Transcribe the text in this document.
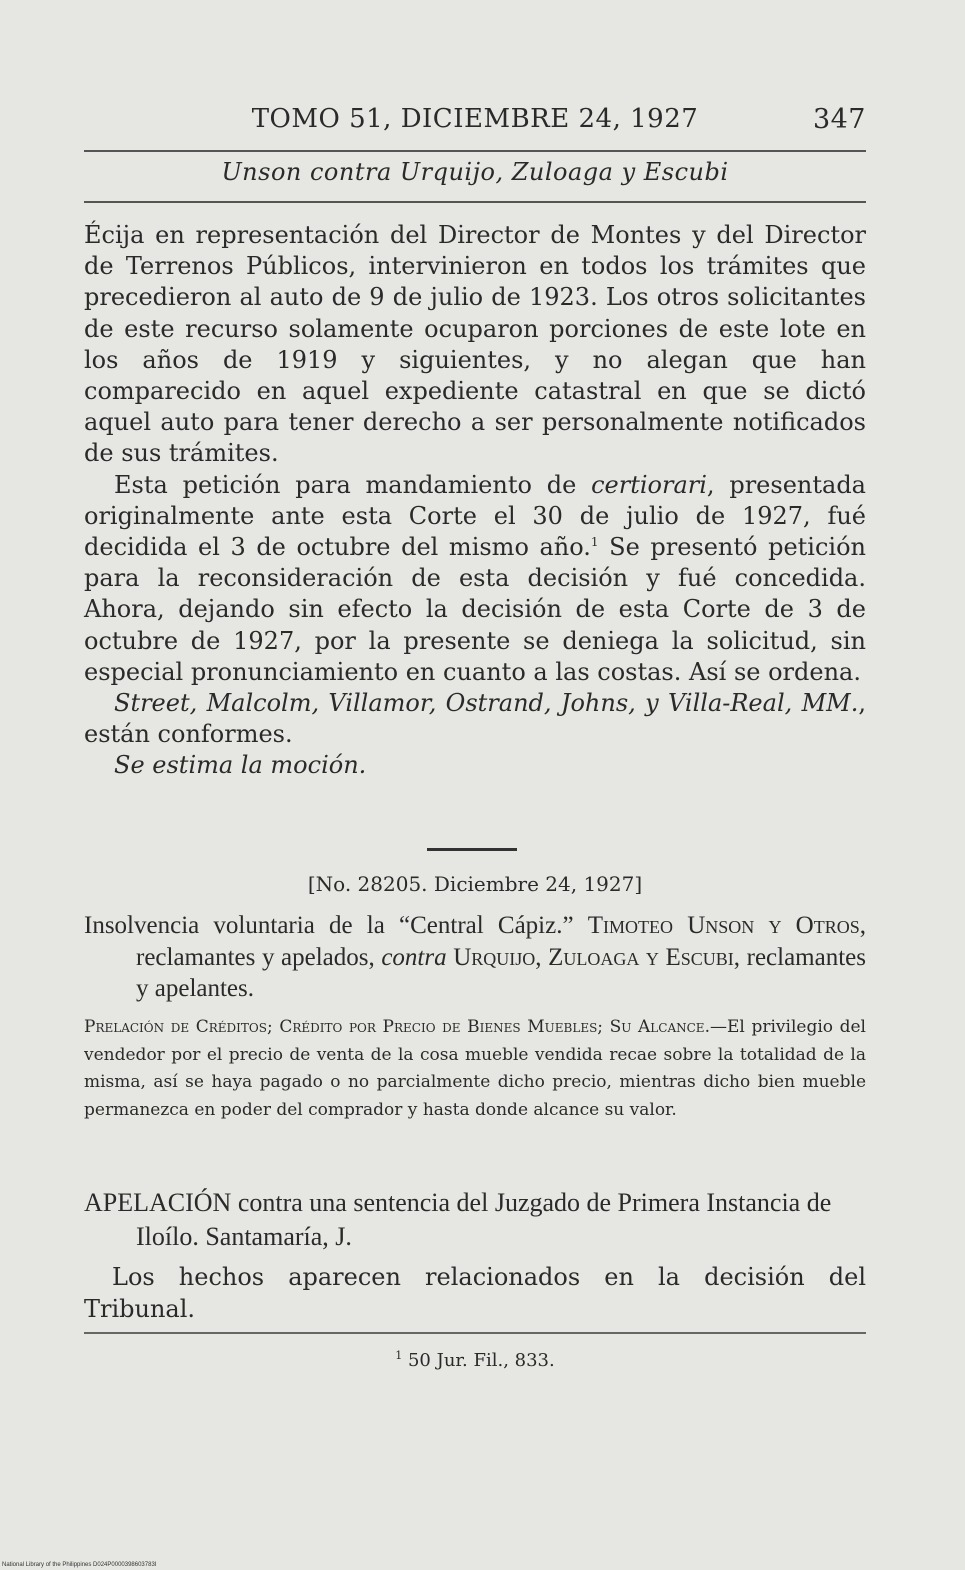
TOMO 51, DICIEMBRE 24, 1927	347
Unson contra Urquijo, Zuloaga y Escubi

Écija en representación del Director de Montes y del Director de Terrenos Públicos, intervinieron en todos los trámites que precedieron al auto de 9 de julio de 1923. Los otros solicitantes de este recurso solamente ocuparon porciones de este lote en los años de 1919 y siguientes, y no alegan que han comparecido en aquel expediente catastral en que se dictó aquel auto para tener derecho a ser personalmente notificados de sus trámites.

Esta petición para mandamiento de certiorari, presentada originalmente ante esta Corte el 30 de julio de 1927, fué decidida el 3 de octubre del mismo año.$^1$ Se presentó petición para la reconsideración de esta decisión y fué concedida. Ahora, dejando sin efecto la decisión de esta Corte de 3 de octubre de 1927, por la presente se deniega la solicitud, sin especial pronunciamiento en cuanto a las costas. Así se ordena.

Street, Malcolm, Villamor, Ostrand, Johns, y Villa-Real, MM., están conformes.

Se estima la moción.

[No. 28205. Diciembre 24, 1927]
Insolvencia voluntaria de la “Central Cápiz.” Timoteo Unson y Otros, reclamantes y apelados, contra Urquijo, Zuloaga y Escubi, reclamantes y apelantes.
Prelación de Créditos; Crédito por Precio de Bienes Muebles; Su Alcance.—El privilegio del vendedor por el precio de venta de la cosa mueble vendida recae sobre la totalidad de la misma, así se haya pagado o no parcialmente dicho precio, mientras dicho bien mueble permanezca en poder del comprador y hasta donde alcance su valor.
APELACIÓN contra una sentencia del Juzgado de Primera Instancia de Iloílo. Santamaría, J.
Los hechos aparecen relacionados en la decisión del Tribunal.
$^1$ 50 Jur. Fil., 833.
National Library of the Philippines D024P0000398603783I
